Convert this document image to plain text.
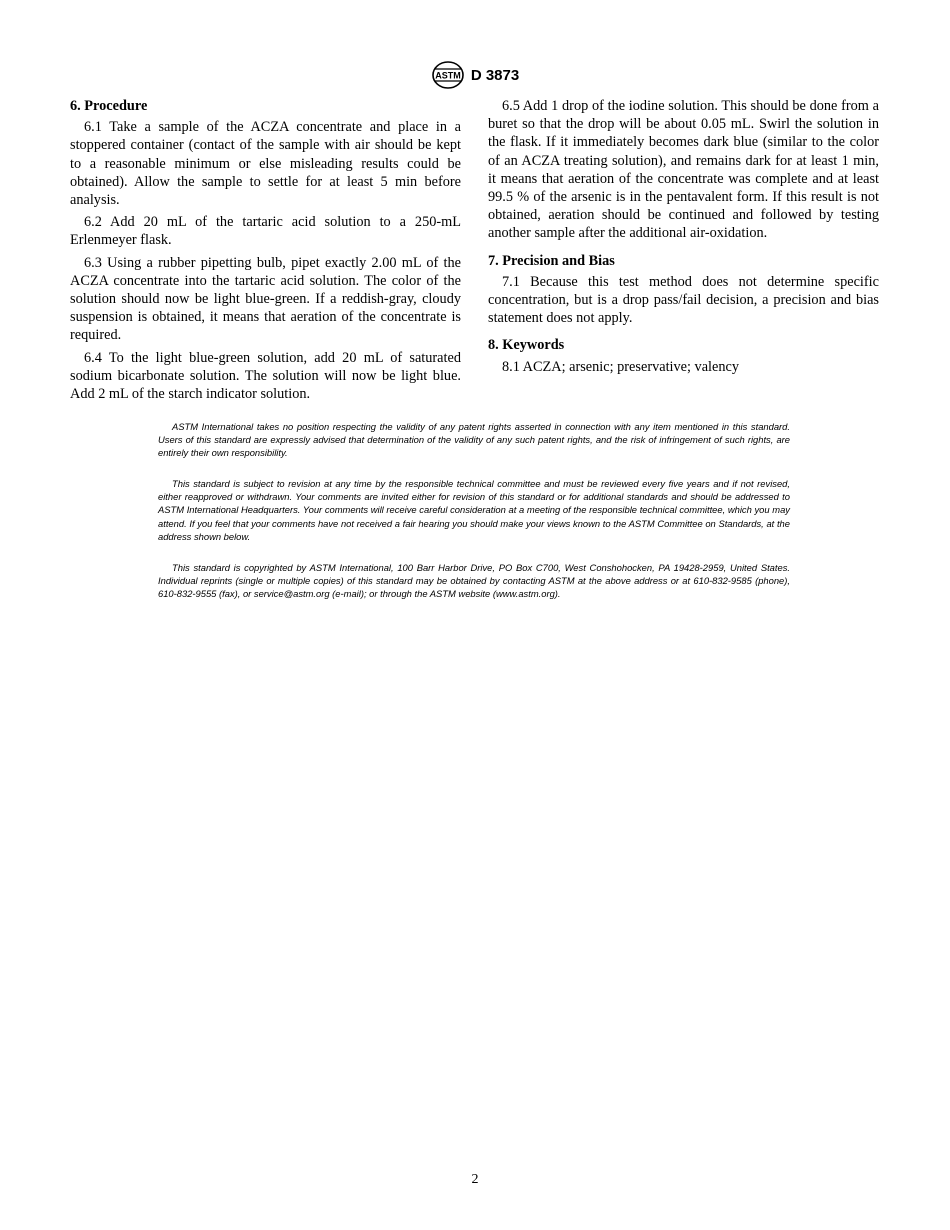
ASTM D 3873
6. Procedure

6.1 Take a sample of the ACZA concentrate and place in a stoppered container (contact of the sample with air should be kept to a reasonable minimum or else misleading results could be obtained). Allow the sample to settle for at least 5 min before analysis.

6.2 Add 20 mL of the tartaric acid solution to a 250-mL Erlenmeyer flask.

6.3 Using a rubber pipetting bulb, pipet exactly 2.00 mL of the ACZA concentrate into the tartaric acid solution. The color of the solution should now be light blue-green. If a reddish-gray, cloudy suspension is obtained, it means that aeration of the concentrate is required.

6.4 To the light blue-green solution, add 20 mL of saturated sodium bicarbonate solution. The solution will now be light blue. Add 2 mL of the starch indicator solution.

6.5 Add 1 drop of the iodine solution. This should be done from a buret so that the drop will be about 0.05 mL. Swirl the solution in the flask. If it immediately becomes dark blue (similar to the color of an ACZA treating solution), and remains dark for at least 1 min, it means that aeration of the concentrate was complete and at least 99.5 % of the arsenic is in the pentavalent form. If this result is not obtained, aeration should be continued and followed by testing another sample after the additional air-oxidation.

7. Precision and Bias

7.1 Because this test method does not determine specific concentration, but is a drop pass/fail decision, a precision and bias statement does not apply.

8. Keywords

8.1 ACZA; arsenic; preservative; valency

ASTM International takes no position respecting the validity of any patent rights asserted in connection with any item mentioned in this standard. Users of this standard are expressly advised that determination of the validity of any such patent rights, and the risk of infringement of such rights, are entirely their own responsibility.

This standard is subject to revision at any time by the responsible technical committee and must be reviewed every five years and if not revised, either reapproved or withdrawn. Your comments are invited either for revision of this standard or for additional standards and should be addressed to ASTM International Headquarters. Your comments will receive careful consideration at a meeting of the responsible technical committee, which you may attend. If you feel that your comments have not received a fair hearing you should make your views known to the ASTM Committee on Standards, at the address shown below.

This standard is copyrighted by ASTM International, 100 Barr Harbor Drive, PO Box C700, West Conshohocken, PA 19428-2959, United States. Individual reprints (single or multiple copies) of this standard may be obtained by contacting ASTM at the above address or at 610-832-9585 (phone), 610-832-9555 (fax), or service@astm.org (e-mail); or through the ASTM website (www.astm.org).

2
